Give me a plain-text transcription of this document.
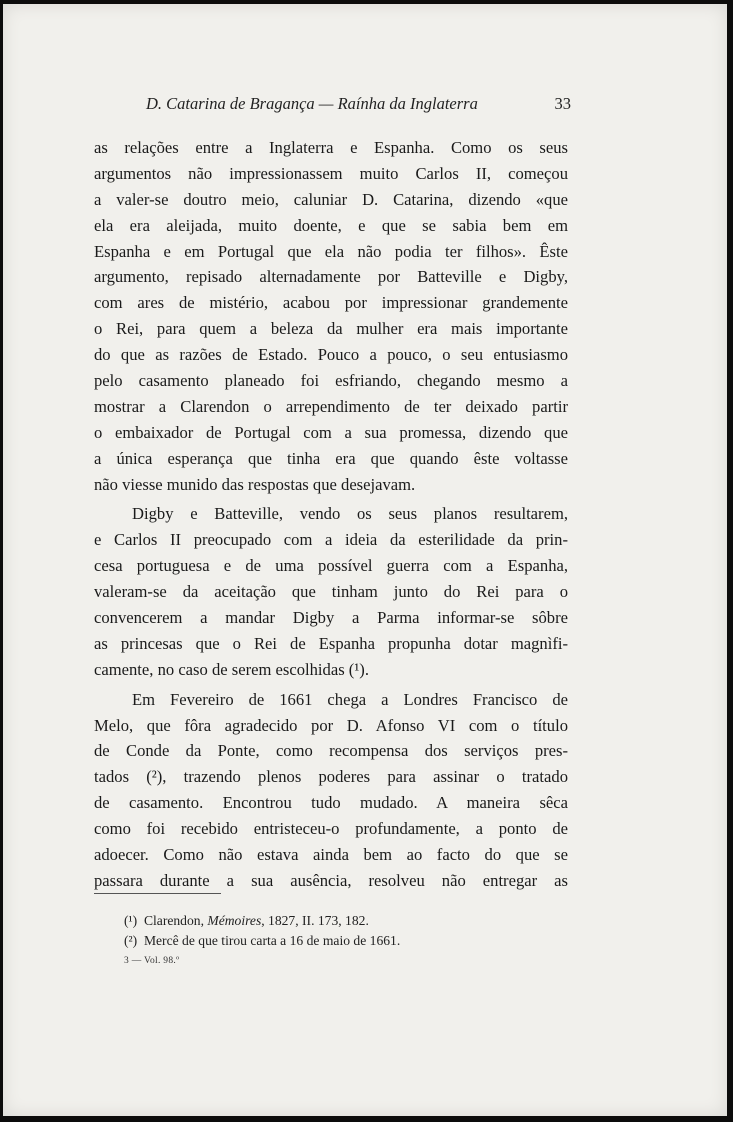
D. Catarina de Bragança — Raínha da Inglaterra	33
as relações entre a Inglaterra e Espanha. Como os seus
argumentos não impressionassem muito Carlos II, começou
a valer-se doutro meio, caluniar D. Catarina, dizendo «que
ela era aleijada, muito doente, e que se sabia bem em
Espanha e em Portugal que ela não podia ter filhos». Êste
argumento, repisado alternadamente por Batteville e Digby,
com ares de mistério, acabou por impressionar grandemente
o Rei, para quem a beleza da mulher era mais importante
do que as razões de Estado. Pouco a pouco, o seu entusiasmo
pelo casamento planeado foi esfriando, chegando mesmo a
mostrar a Clarendon o arrependimento de ter deixado partir
o embaixador de Portugal com a sua promessa, dizendo que
a única esperança que tinha era que quando êste voltasse
não viesse munido das respostas que desejavam.
Digby e Batteville, vendo os seus planos resultarem,
e Carlos II preocupado com a ideia da esterilidade da prin-
cesa portuguesa e de uma possível guerra com a Espanha,
valeram-se da aceitação que tinham junto do Rei para o
convencerem a mandar Digby a Parma informar-se sôbre
as princesas que o Rei de Espanha propunha dotar magnìfi-
camente, no caso de serem escolhidas (¹).
Em Fevereiro de 1661 chega a Londres Francisco de
Melo, que fôra agradecido por D. Afonso VI com o título
de Conde da Ponte, como recompensa dos serviços pres-
tados (²), trazendo plenos poderes para assinar o tratado
de casamento. Encontrou tudo mudado. A maneira sêca
como foi recebido entristeceu-o profundamente, a ponto de
adoecer. Como não estava ainda bem ao facto do que se
passara durante a sua ausência, resolveu não entregar as
(¹) Clarendon, Mémoires, 1827, II. 173, 182.
(²) Mercê de que tirou carta a 16 de maio de 1661.
3 — Vol. 98.º
